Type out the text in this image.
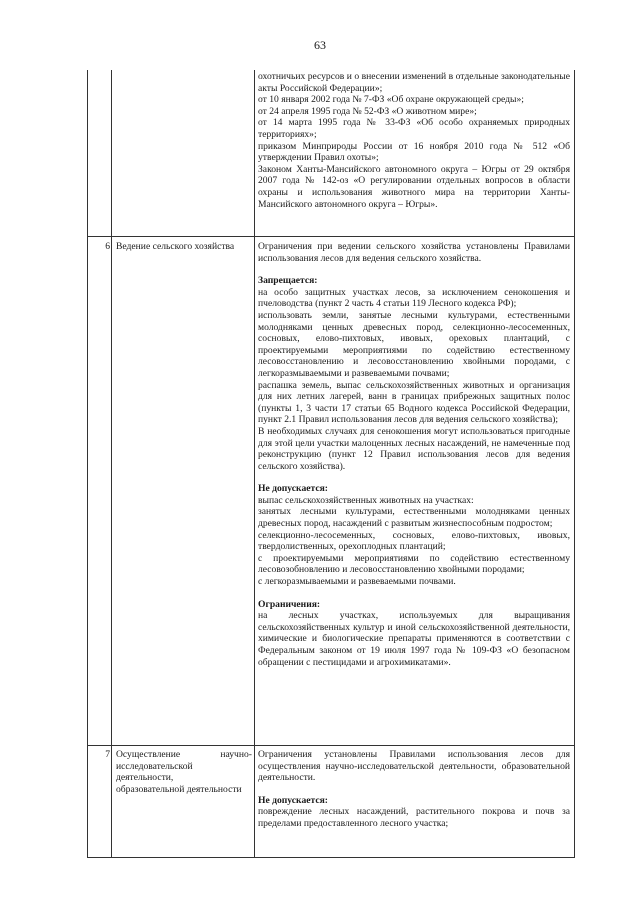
63
6
7

Ведение сельского хозяйства

Осуществление научно-исследовательской деятельности,

образовательной деятельности

охотничьих ресурсов и о внесении изменений в отдельные законодательные акты Российской Федерации»;

от 10 января 2002 года № 7-ФЗ «Об охране окружающей среды»;

от 24 апреля 1995 года № 52-ФЗ «О животном мире»;

от 14 марта 1995 года № 33-ФЗ «Об особо охраняемых природных территориях»;

приказом Минприроды России от 16 ноября 2010 года № 512 «Об утверждении Правил охоты»;

Законом Ханты-Мансийского автономного округа – Югры от 29 октября 2007 года № 142-оз «О регулировании отдельных вопросов в области охраны и использования животного мира на территории Ханты-Мансийского автономного округа – Югры».

Ограничения при ведении сельского хозяйства установлены Правилами использования лесов для ведения сельского хозяйства.

Запрещается:

на особо защитных участках лесов, за исключением сенокошения и пчеловодства (пункт 2 часть 4 статьи 119 Лесного кодекса РФ);

использовать земли, занятые лесными культурами, естественными молодняками ценных древесных пород, селекционно-лесосеменных, сосновых, елово-пихтовых, ивовых, ореховых плантаций, с проектируемыми мероприятиями по содействию естественному лесовосстановлению и лесовосстановлению хвойными породами, с легкоразмываемыми и развеваемыми почвами;

распашка земель, выпас сельскохозяйственных животных и организация для них летних лагерей, ванн в границах прибрежных защитных полос (пункты 1, 3 части 17 статьи 65 Водного кодекса Российской Федерации, пункт 2.1 Правил использования лесов для ведения сельского хозяйства);

В необходимых случаях для сенокошения могут использоваться пригодные для этой цели участки малоценных лесных насаждений, не намеченные под реконструкцию (пункт 12 Правил использования лесов для ведения сельского хозяйства).

Не допускается:

выпас сельскохозяйственных животных на участках:

занятых лесными культурами, естественными молодняками ценных древесных пород, насаждений с развитым жизнеспособным подростом;

селекционно-лесосеменных, сосновых, елово-пихтовых, ивовых, твердолиственных, орехоплодных плантаций;

с проектируемыми мероприятиями по содействию естественному лесовозобновлению и лесовосстановлению хвойными породами;

с легкоразмываемыми и развеваемыми почвами.

Ограничения:

на лесных участках, используемых для выращивания сельскохозяйственных культур и иной сельскохозяйственной деятельности, химические и биологические препараты применяются в соответствии с Федеральным законом от 19 июля 1997 года № 109-ФЗ «О безопасном обращении с пестицидами и агрохимикатами».

Ограничения установлены Правилами использования лесов для осуществления научно-исследовательской деятельности, образовательной деятельности.

Не допускается:

повреждение лесных насаждений, растительного покрова и почв за пределами предоставленного лесного участка;
